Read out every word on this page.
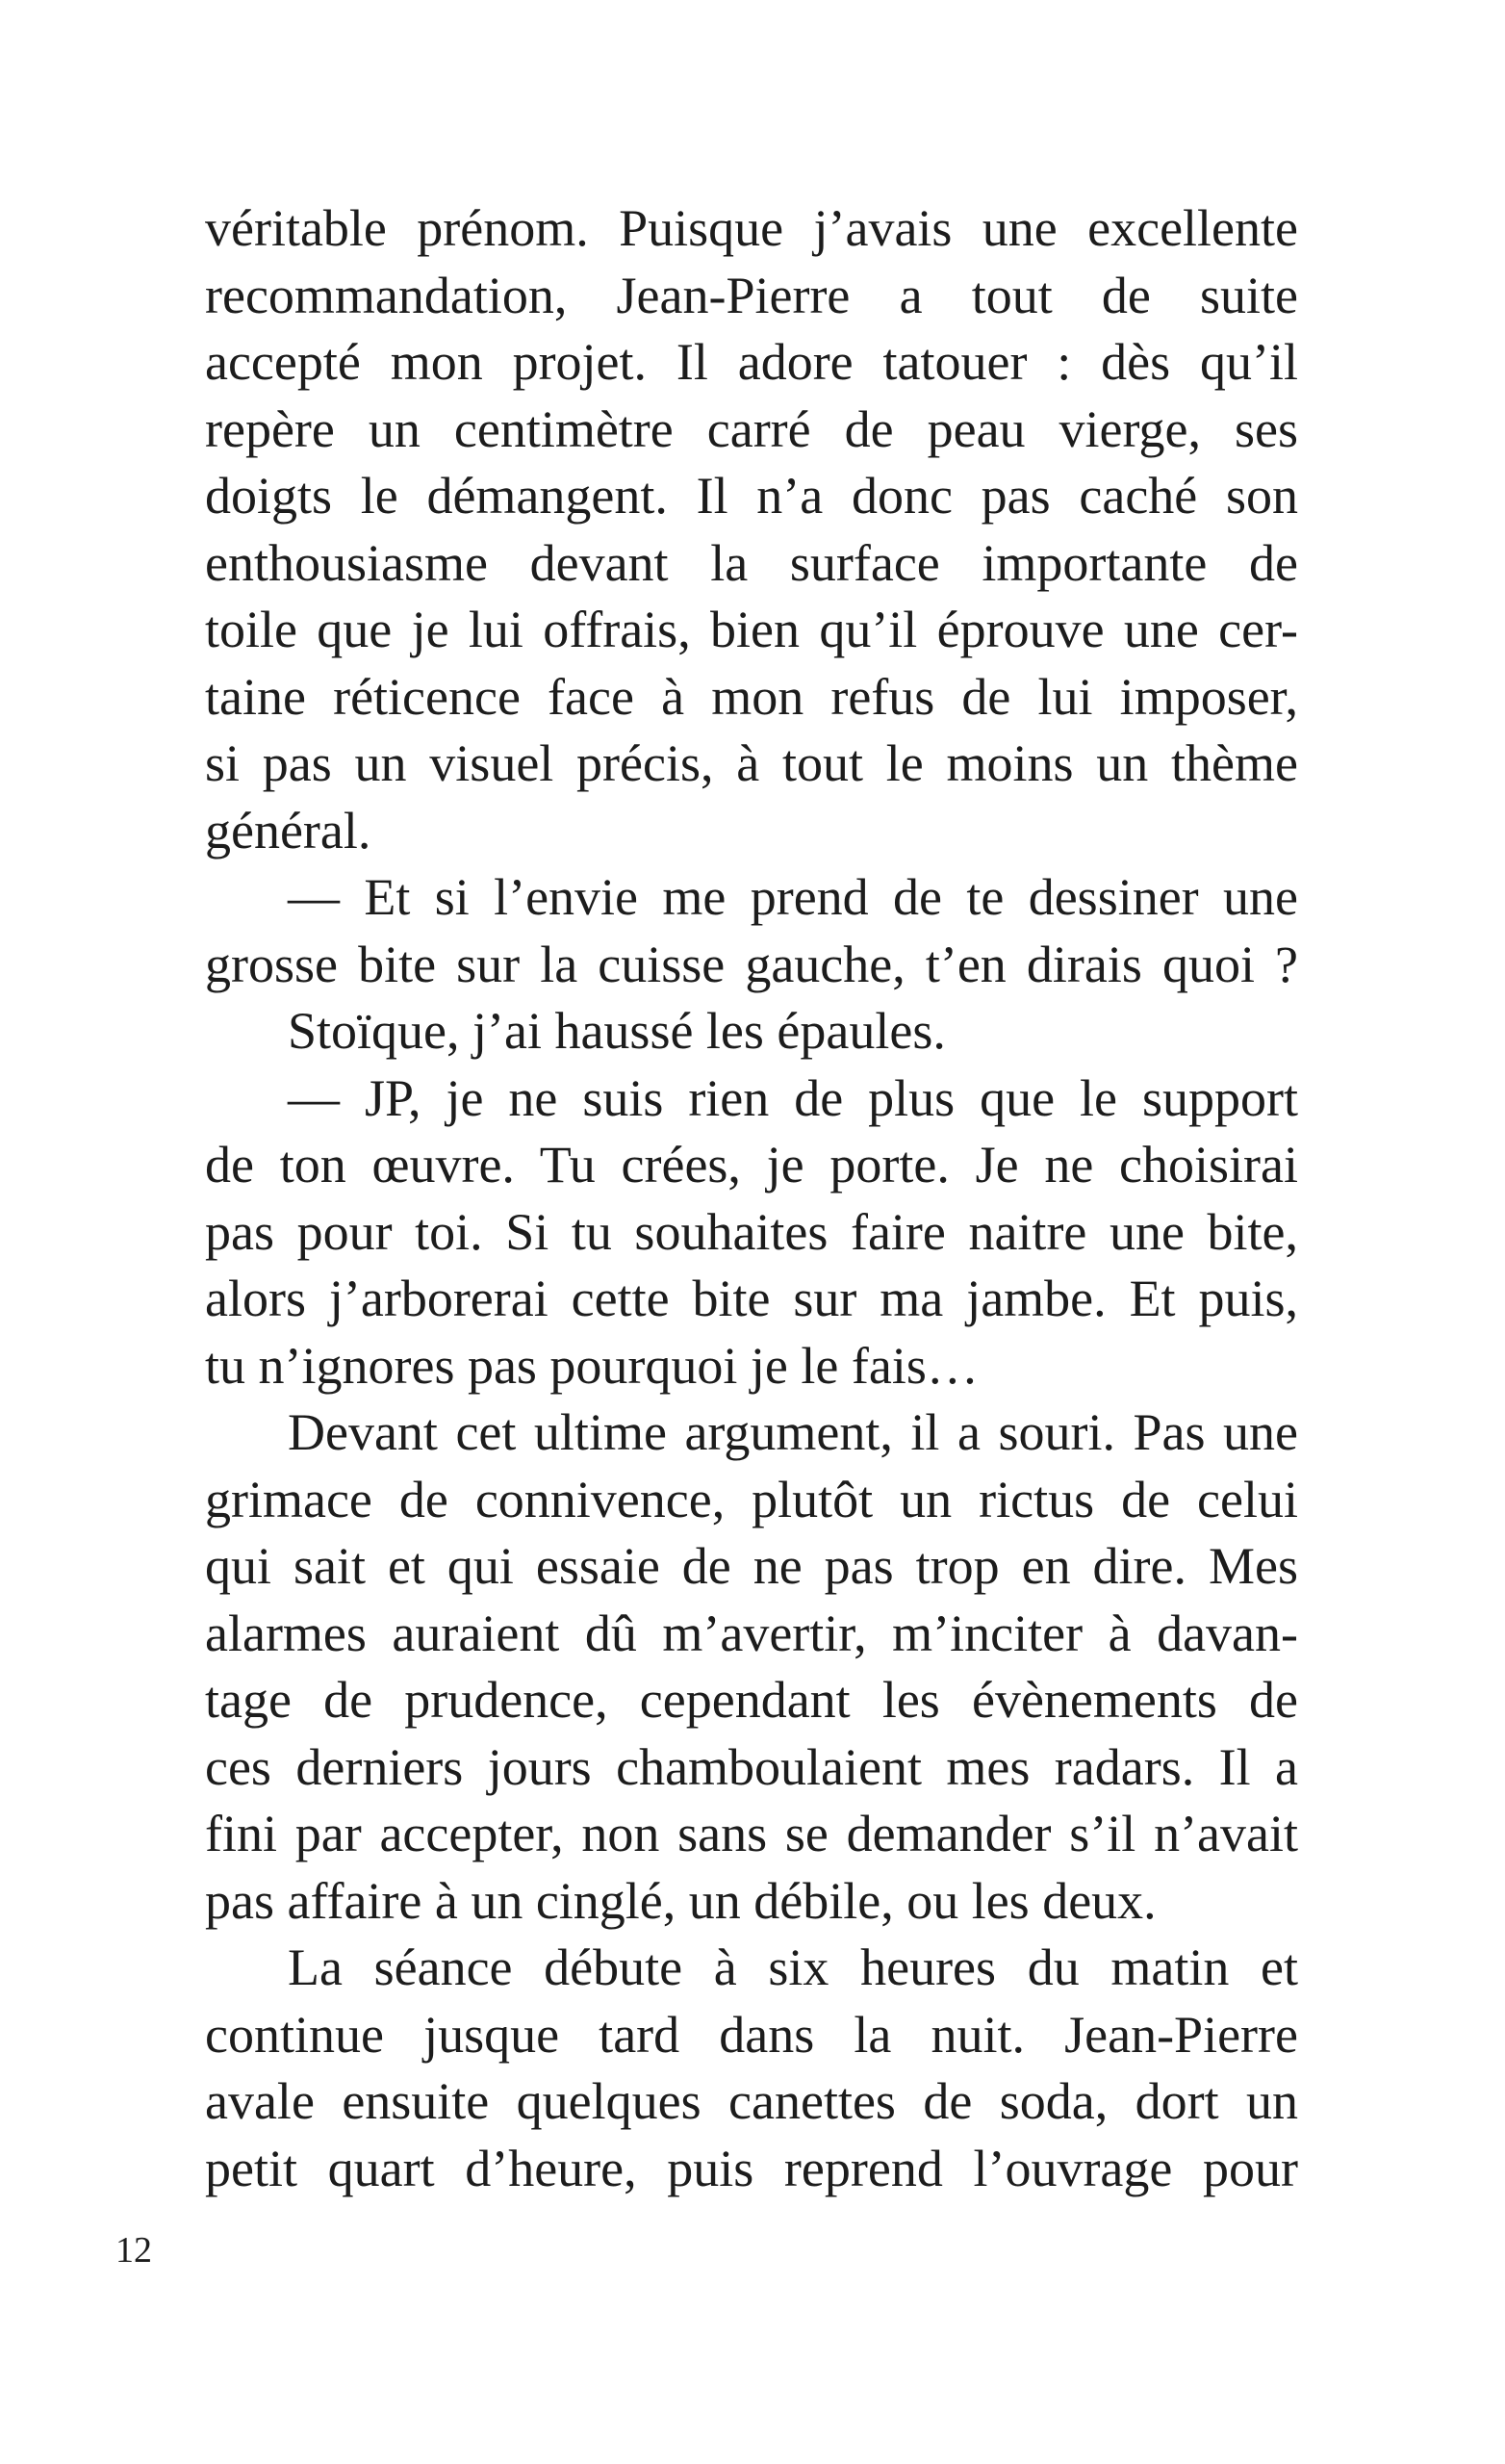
véritable prénom. Puisque j’avais une excellente
recommandation, Jean-Pierre a tout de suite
accepté mon projet. Il adore tatouer : dès qu’il
repère un centimètre carré de peau vierge, ses
doigts le démangent. Il n’a donc pas caché son
enthousiasme devant la surface importante de
toile que je lui offrais, bien qu’il éprouve une cer-
taine réticence face à mon refus de lui imposer,
si pas un visuel précis, à tout le moins un thème
général.
— Et si l’envie me prend de te dessiner une
grosse bite sur la cuisse gauche, t’en dirais quoi ?
Stoïque, j’ai haussé les épaules.
— JP, je ne suis rien de plus que le support
de ton œuvre. Tu crées, je porte. Je ne choisirai
pas pour toi. Si tu souhaites faire naitre une bite,
alors j’arborerai cette bite sur ma jambe. Et puis,
tu n’ignores pas pourquoi je le fais…
Devant cet ultime argument, il a souri. Pas une
grimace de connivence, plutôt un rictus de celui
qui sait et qui essaie de ne pas trop en dire. Mes
alarmes auraient dû m’avertir, m’inciter à davan-
tage de prudence, cependant les évènements de
ces derniers jours chamboulaient mes radars. Il a
fini par accepter, non sans se demander s’il n’avait
pas affaire à un cinglé, un débile, ou les deux.
La séance débute à six heures du matin et
continue jusque tard dans la nuit. Jean-Pierre
avale ensuite quelques canettes de soda, dort un
petit quart d’heure, puis reprend l’ouvrage pour
12
